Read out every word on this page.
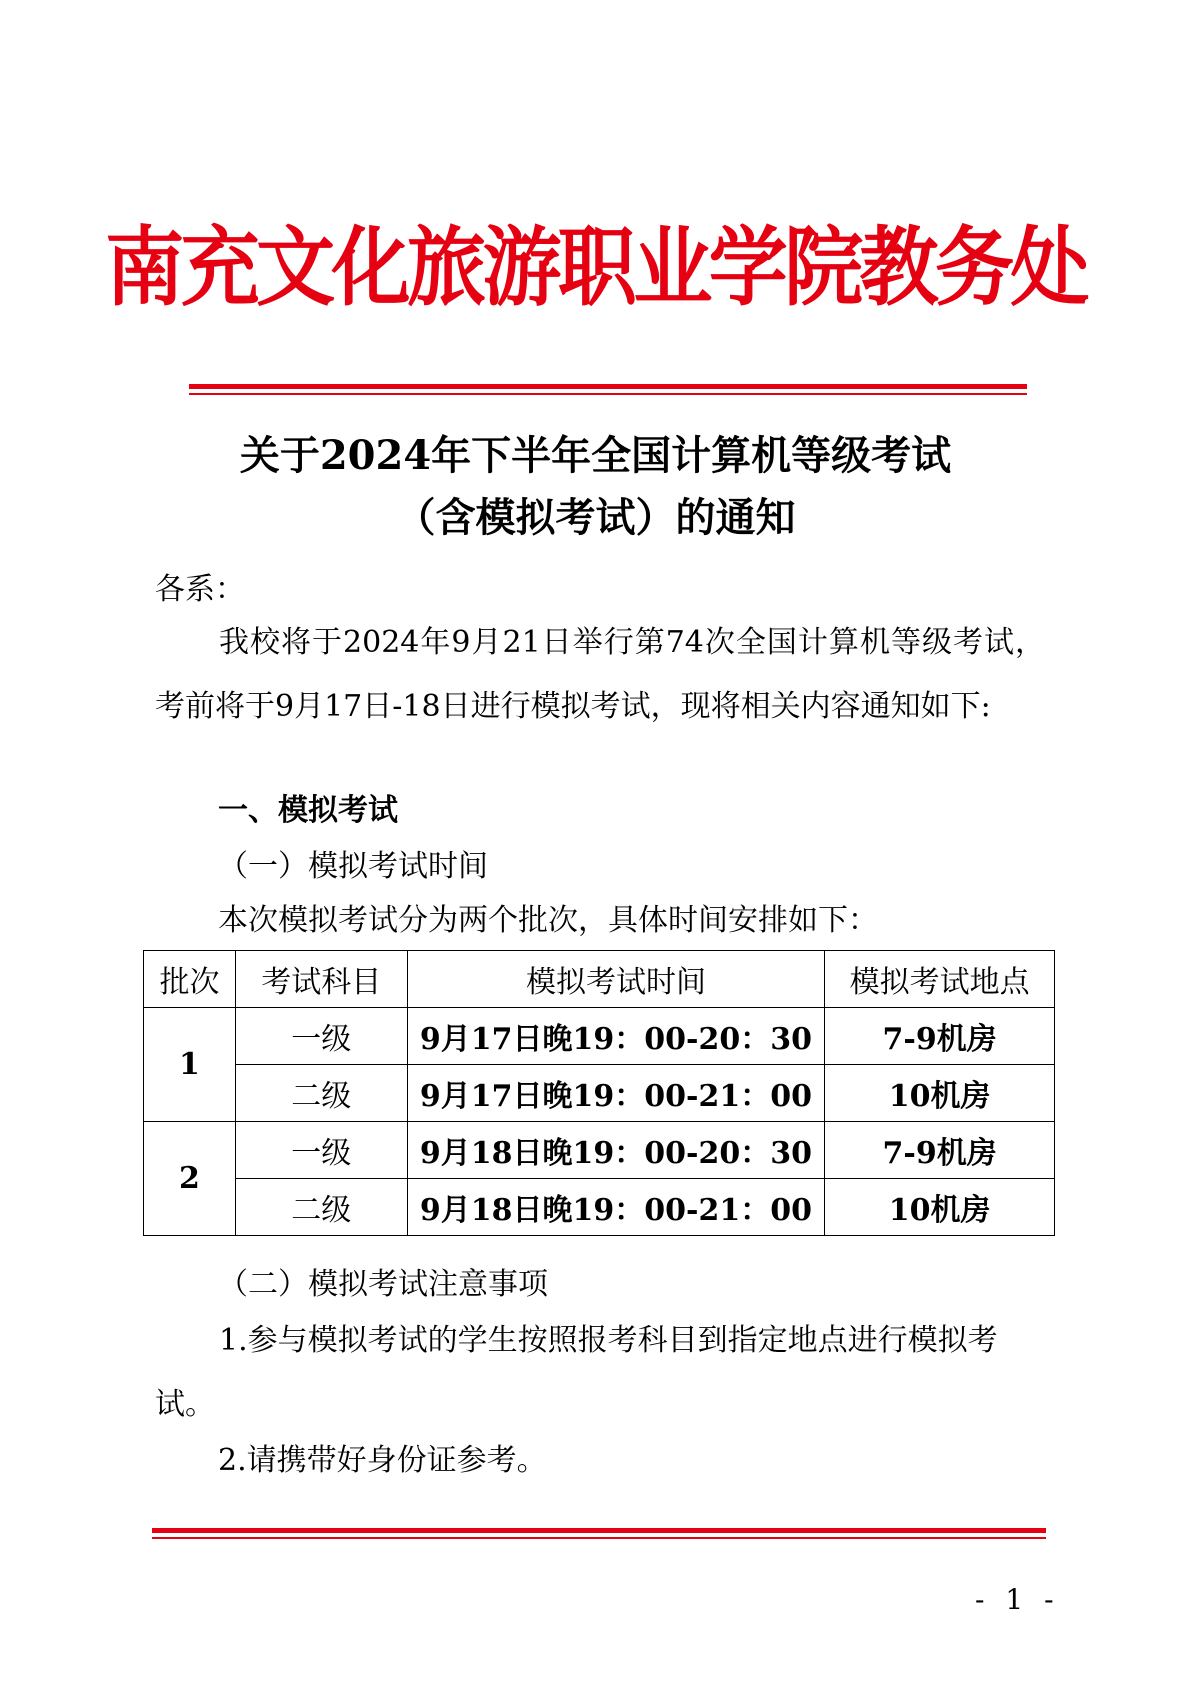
南充文化旅游职业学院教务处
关于2024年下半年全国计算机等级考试
（含模拟考试）的通知
各系：
我校将于2024年9月21日举行第74次全国计算机等级考试，考前将于9月17日-18日进行模拟考试，现将相关内容通知如下:
一、模拟考试
（一）模拟考试时间
本次模拟考试分为两个批次，具体时间安排如下：
批次	考试科目	模拟考试时间	模拟考试地点
1	一级	9月17日晚19：00-20：30	7-9机房
	二级	9月17日晚19：00-21：00	10机房
2	一级	9月18日晚19：00-20：30	7-9机房
	二级	9月18日晚19：00-21：00	10机房
（二）模拟考试注意事项
1.参与模拟考试的学生按照报考科目到指定地点进行模拟考试。
2.请携带好身份证参考。
- 1 -
